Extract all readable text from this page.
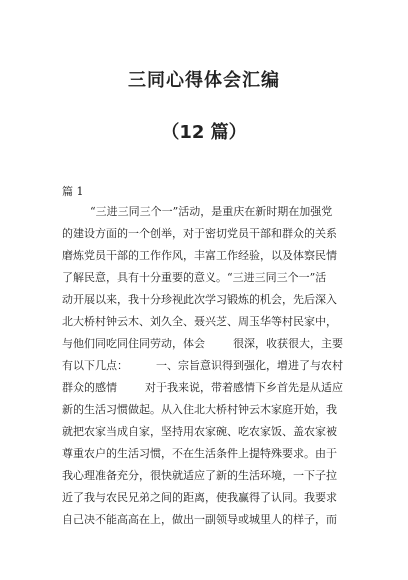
三同心得体会汇编
（12 篇）
篇 1
“三进三同三个一”活动，是重庆在新时期在加强党
的建设方面的一个创举，对于密切党员干部和群众的关系
磨炼党员干部的工作作风，丰富工作经验，以及体察民情
了解民意，具有十分重要的意义。“三进三同三个一”活
动开展以来，我十分珍视此次学习锻炼的机会，先后深入
北大桥村钟云木、刘久全、聂兴芝、周玉华等村民家中，
与他们同吃同住同劳动，体会        很深，收获很大，主要
有以下几点：        一、宗旨意识得到强化，增进了与农村
群众的感情        对于我来说，带着感情下乡首先是从适应
新的生活习惯做起。从入住北大桥村钟云木家庭开始，我
就把农家当成自家，坚持用农家碗、吃农家饭、盖农家被
尊重农户的生活习惯，不在生活条件上提特殊要求。由于
我心理准备充分，很快就适应了新的生活环境，一下子拉
近了我与农民兄弟之间的距离，使我赢得了认同。我要求
自己决不能高高在上，做出一副领导或城里人的样子，而
